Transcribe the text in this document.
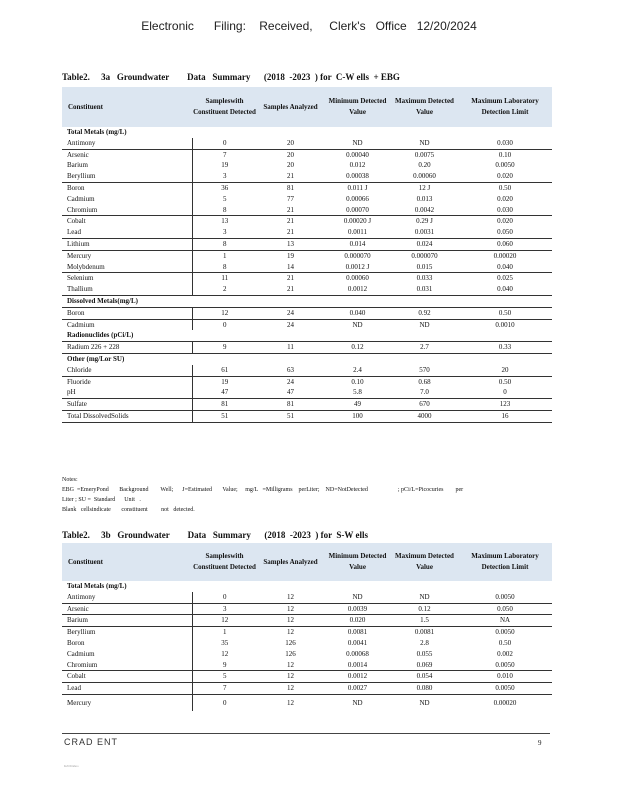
Electronic      Filing:    Received,     Clerk's   Office   12/20/2024
Table2.     3a   Groundwater        Data   Summary      (2018  -2023  ) for  C-W ells  + EBG
Constituent	Sampleswith Constituent Detected	Samples Analyzed	Minimum Detected Value	Maximum Detected Value	Maximum Laboratory Detection Limit
Total Metals (mg/L)					
Antimony	0	20	ND	ND	0.030
Arsenic	7	20	0.00040	0.0075	0.10
Barium	19	20	0.012	0.20	0.0050
Beryllium	3	21	0.00038	0.00060	0.020
Boron	36	81	0.011 J	12 J	0.50
Cadmium	5	77	0.00066	0.013	0.020
Chromium	8	21	0.00070	0.0042	0.030
Cobalt	13	21	0.00020 J	0.29 J	0.020
Lead	3	21	0.0011	0.0031	0.050
Lithium	8	13	0.014	0.024	0.060
Mercury	1	19	0.000070	0.000070	0.00020
Molybdenum	8	14	0.0012 J	0.015	0.040
Selenium	11	21	0.00060	0.033	0.025
Thallium	2	21	0.0012	0.031	0.040
Dissolved Metals(mg/L)					
Boron	12	24	0.040	0.92	0.50
Cadmium	0	24	ND	ND	0.0010
Radionuclides (pCi/L)					
Radium 226 + 228	9	11	0.12	2.7	0.33
Other (mg/Lor SU)					
Chloride	61	63	2.4	570	20
Fluoride	19	24	0.10	0.68	0.50
pH	47	47	5.8	7.0	0
Sulfate	81	81	49	670	123
Total DissolvedSolids	51	51	100	4000	16
Notes:
EBG  =EmeryPond       Background        Well;      J=Estimated       Value;     mg/L   =Milligrams    perLiter;    ND=NotDetected                    ; pCi/L=Picocuries        per
Liter ; SU =  Standard      Unit   .
Blank   cellsindicate       constituent         not   detected.
Table2.     3b   Groundwater        Data   Summary      (2018  -2023  ) for  S-W ells
Constituent	Sampleswith Constituent Detected	Samples Analyzed	Minimum Detected Value	Maximum Detected Value	Maximum Laboratory Detection Limit
Total Metals (mg/L)					
Antimony	0	12	ND	ND	0.0050
Arsenic	3	12	0.0039	0.12	0.050
Barium	12	12	0.020	1.5	NA
Beryllium	1	12	0.0081	0.0081	0.0050
Boron	35	126	0.0041	2.8	0.50
Cadmium	12	126	0.00068	0.055	0.002
Chromium	9	12	0.0014	0.069	0.0050
Cobalt	5	12	0.0012	0.054	0.010
Lead	7	12	0.0027	0.080	0.0050
Mercury	0	12	ND	ND	0.00020
CRAD ENT	9
K2C0ttahoo
